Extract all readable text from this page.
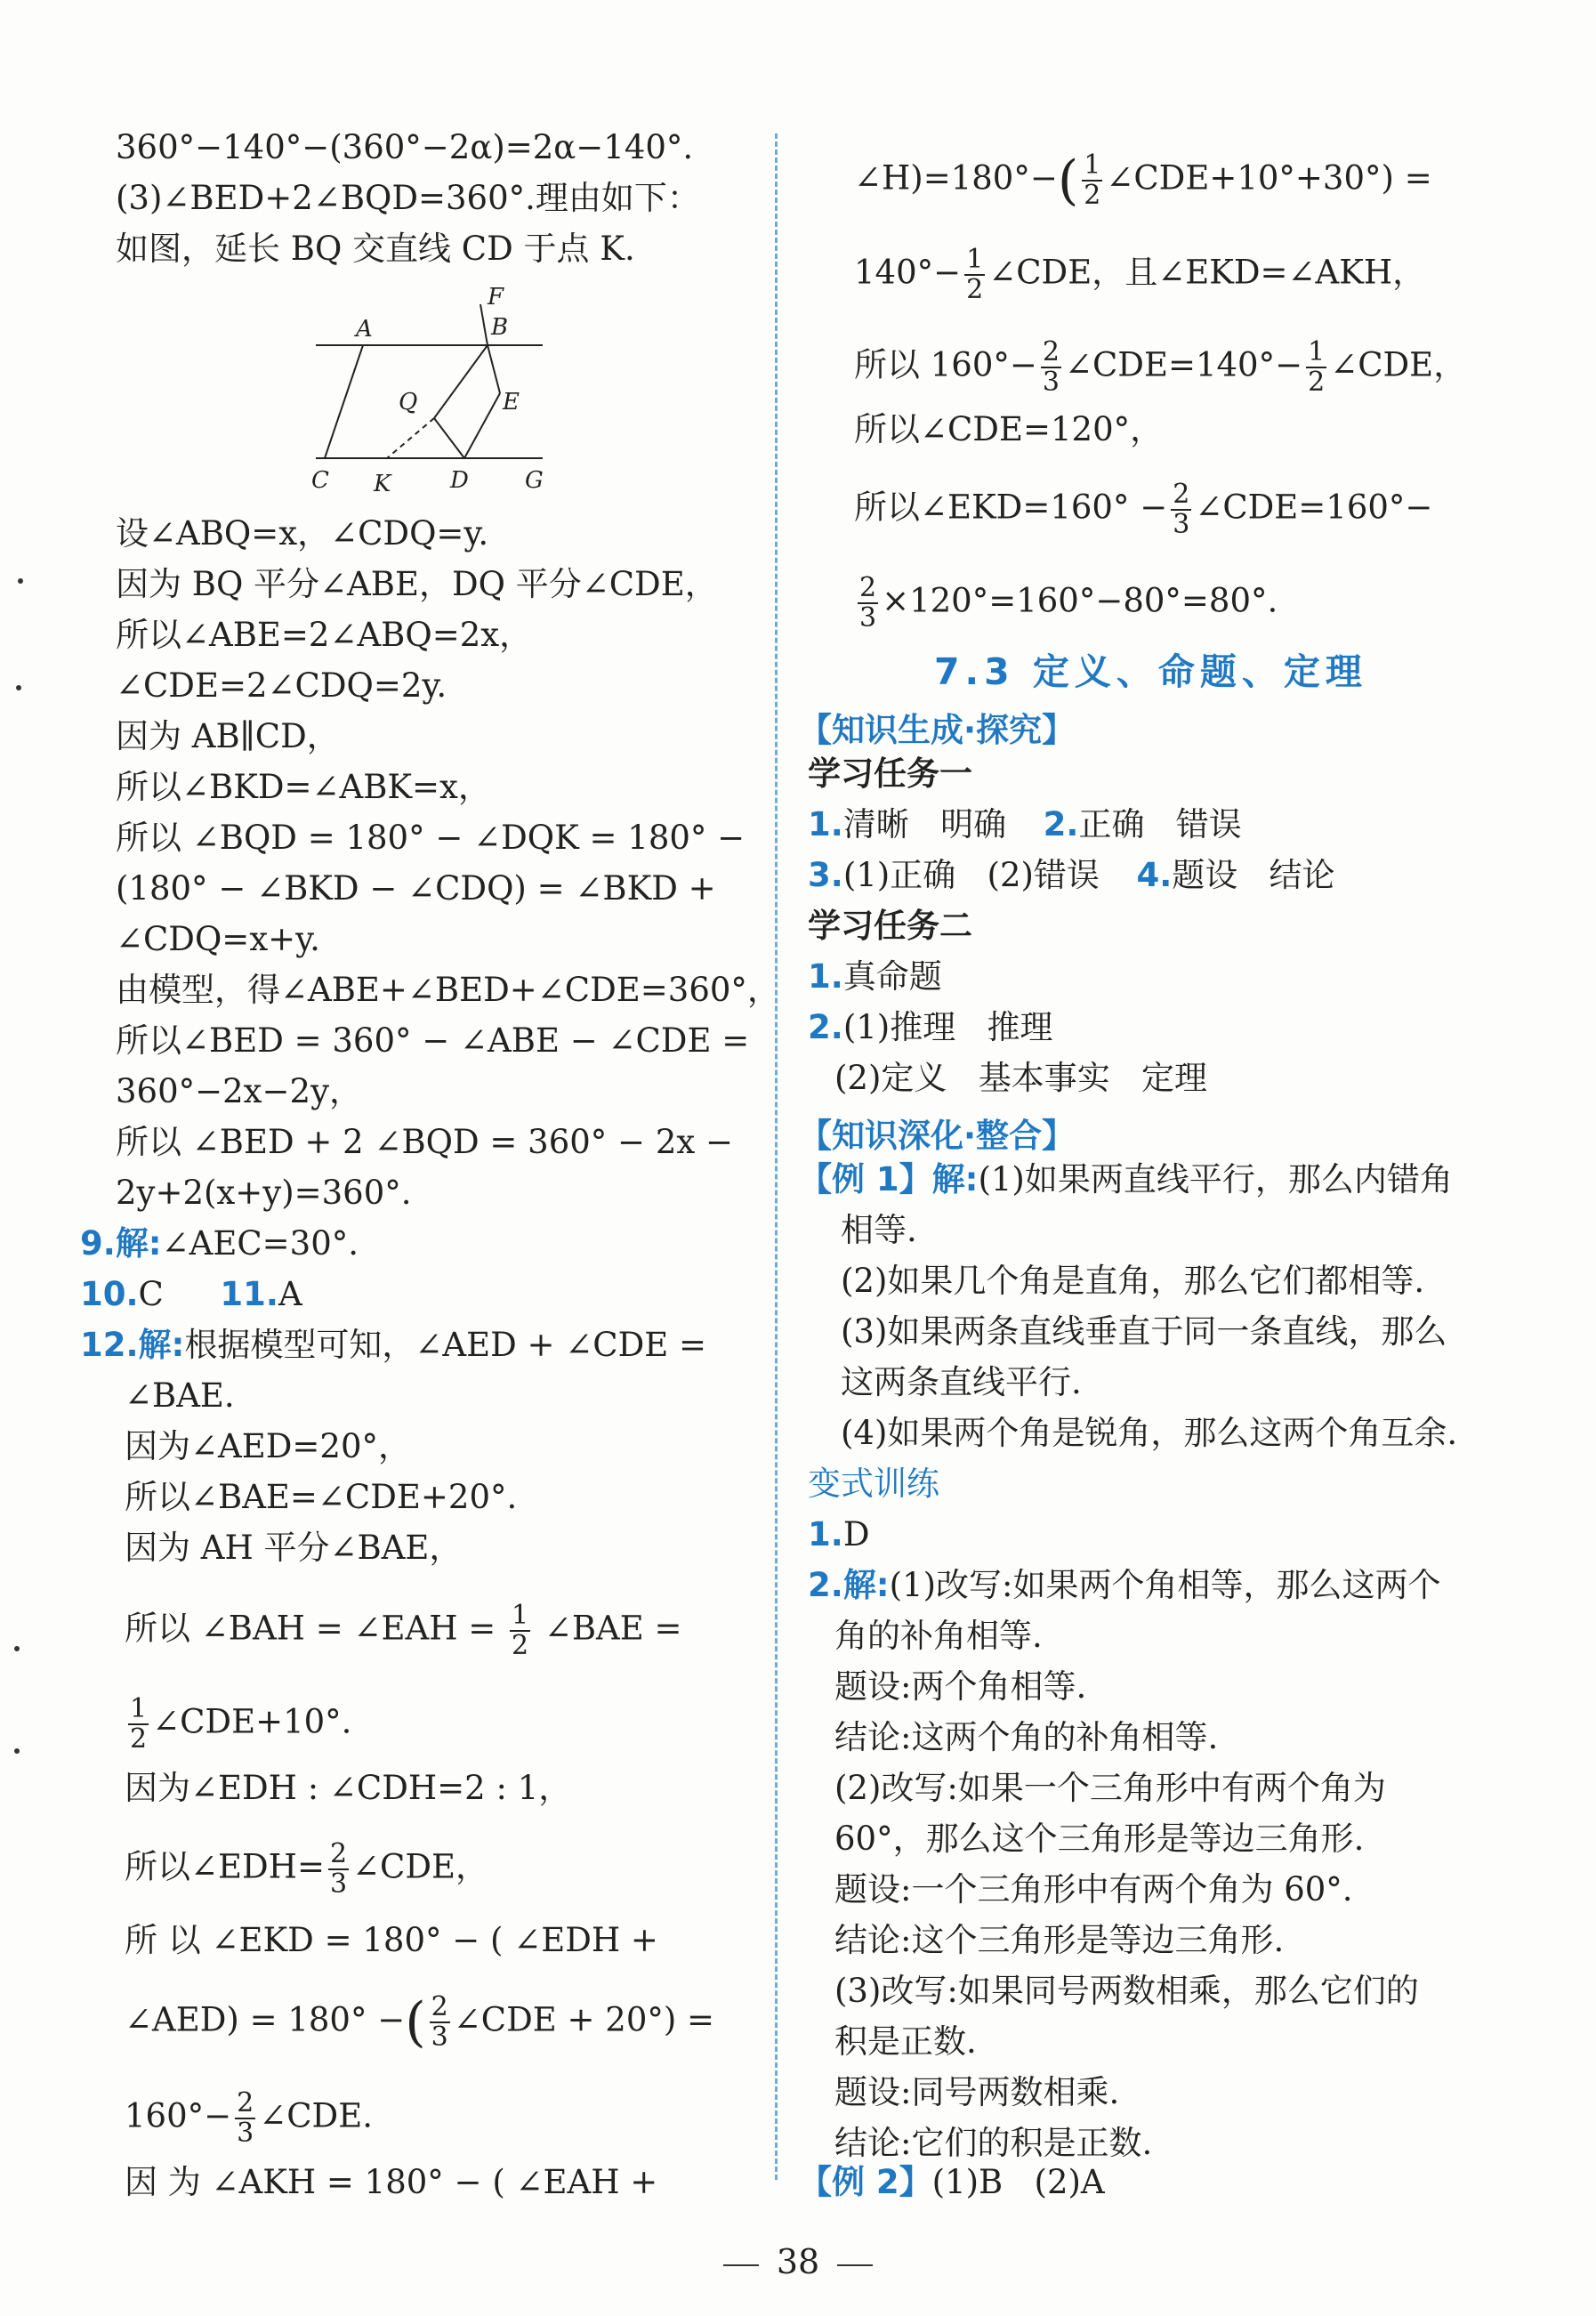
360°−140°−(360°−2α)=2α−140°.
(3)∠BED+2∠BQD=360°.理由如下：
如图，延长 BQ 交直线 CD 于点 K.
A	B
F
Q	E
C K	D G
设∠ABQ=x，∠CDQ=y.
因为 BQ 平分∠ABE，DQ 平分∠CDE，
所以∠ABE=2∠ABQ=2x，
∠CDE=2∠CDQ=2y.
因为 AB∥CD，
所以∠BKD=∠ABK=x，
所以 ∠BQD = 180° − ∠DQK = 180° −
(180° − ∠BKD − ∠CDQ) = ∠BKD +
∠CDQ=x+y.
由模型，得∠ABE+∠BED+∠CDE=360°，
所以∠BED = 360° − ∠ABE − ∠CDE =
360°−2x−2y，
所以 ∠BED + 2 ∠BQD = 360° − 2x −
2y+2(x+y)=360°.
9.解:∠AEC=30°.
10.C 11.A
12.解:根据模型可知，∠AED + ∠CDE =
∠BAE.
因为∠AED=20°，
所以∠BAE=∠CDE+20°.
因为 AH 平分∠BAE，
所以 ∠BAH = ∠EAH = $\frac{1}{2}$ ∠BAE =
$\frac{1}{2}$ ∠CDE+10°.
因为∠EDH : ∠CDH=2 : 1，
所以∠EDH= $\frac{2}{3}$ ∠CDE，
所 以 ∠EKD = 180° − ( ∠EDH +
∠AED) = 180° −( $\frac{2}{3}$ ∠CDE + 20°) =
$160^\circ- \frac{2}{3}$ ∠CDE.
因 为 ∠AKH = 180° − ( ∠EAH +
∠H)=180°−( $\frac{1}{2}$ ∠CDE+10°+30°) =
$140^\circ- \frac{1}{2}$ ∠CDE，且∠EKD=∠AKH，
所以 $160^\circ- \frac{2}{3}$ ∠CDE=140°− $\frac{1}{2}$ ∠CDE，
所以∠CDE=120°，
所以∠EKD=160° − $\frac{2}{3}$ ∠CDE=160°−
$\frac{2}{3} \times 120^\circ=160^\circ-80^\circ=80^\circ$.
7.3 定义、命题、定理
【知识生成·探究】
学习任务一
1.清晰   明确 2.正确   错误
3.(1)正确   (2)错误 4.题设   结论
学习任务二
1.真命题
2.(1)推理   推理
(2)定义   基本事实   定理
【知识深化·整合】
【例 1】解:(1)如果两直线平行，那么内错角
相等.
(2)如果几个角是直角，那么它们都相等.
(3)如果两条直线垂直于同一条直线，那么
这两条直线平行.
(4)如果两个角是锐角，那么这两个角互余.
变式训练
1.D
2.解:(1)改写:如果两个角相等，那么这两个
角的补角相等.
题设:两个角相等.
结论:这两个角的补角相等.
(2)改写:如果一个三角形中有两个角为
60°，那么这个三角形是等边三角形.
题设:一个三角形中有两个角为 60°.
结论:这个三角形是等边三角形.
(3)改写:如果同号两数相乘，那么它们的
积是正数.
题设:同号两数相乘.
结论:它们的积是正数.
【例 2】(1)B   (2)A
38
